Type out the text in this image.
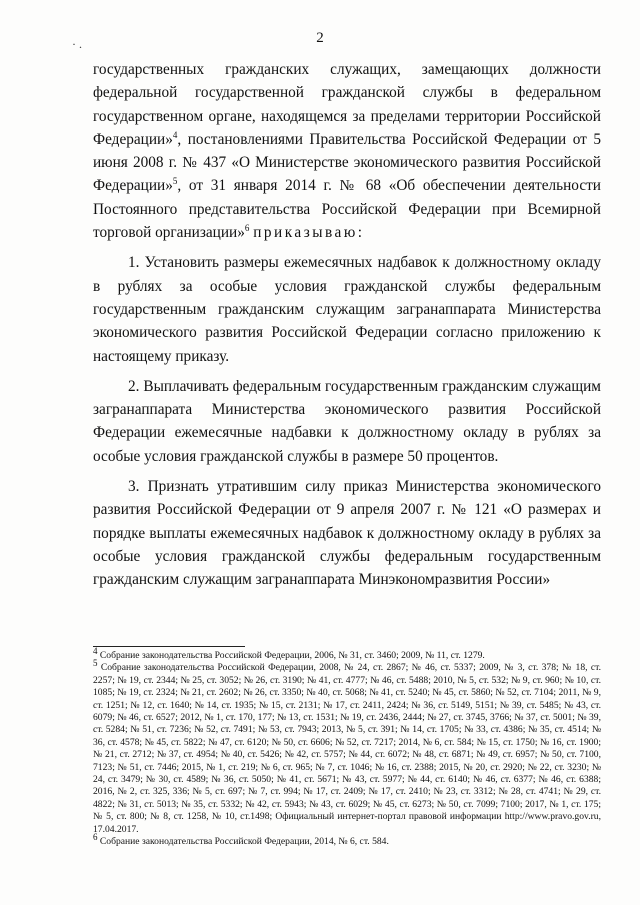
· .	2

государственных гражданских служащих, замещающих должности федеральной государственной гражданской службы в федеральном государственном органе, находящемся за пределами территории Российской Федерации»$^4$, постановлениями Правительства Российской Федерации от 5 июня 2008 г. № 437 «О Министерстве экономического развития Российской Федерации»$^5$, от 31 января 2014 г. № 68 «Об обеспечении деятельности Постоянного представительства Российской Федерации при Всемирной торговой организации»$^6$ приказываю:

1. Установить размеры ежемесячных надбавок к должностному окладу в рублях за особые условия гражданской службы федеральным государственным гражданским служащим загранаппарата Министерства экономического развития Российской Федерации согласно приложению к настоящему приказу.

2. Выплачивать федеральным государственным гражданским служащим загранаппарата Министерства экономического развития Российской Федерации ежемесячные надбавки к должностному окладу в рублях за особые условия гражданской службы в размере 50 процентов.

3. Признать утратившим силу приказ Министерства экономического развития Российской Федерации от 9 апреля 2007 г. № 121 «О размерах и порядке выплаты ежемесячных надбавок к должностному окладу в рублях за особые условия гражданской службы федеральным государственным гражданским служащим загранаппарата Минэкономразвития России»

$^4$ Собрание законодательства Российской Федерации, 2006, № 31, ст. 3460; 2009, № 11, ст. 1279.

$^5$ Собрание законодательства Российской Федерации, 2008, № 24, ст. 2867; № 46, ст. 5337; 2009, № 3, ст. 378; № 18, ст. 2257; № 19, ст. 2344; № 25, ст. 3052; № 26, ст. 3190; № 41, ст. 4777; № 46, ст. 5488; 2010, № 5, ст. 532; № 9, ст. 960; № 10, ст. 1085; № 19, ст. 2324; № 21, ст. 2602; № 26, ст. 3350; № 40, ст. 5068; № 41, ст. 5240; № 45, ст. 5860; № 52, ст. 7104; 2011, № 9, ст. 1251; № 12, ст. 1640; № 14, ст. 1935; № 15, ст. 2131; № 17, ст. 2411, 2424; № 36, ст. 5149, 5151; № 39, ст. 5485; № 43, ст. 6079; № 46, ст. 6527; 2012, № 1, ст. 170, 177; № 13, ст. 1531; № 19, ст. 2436, 2444; № 27, ст. 3745, 3766; № 37, ст. 5001; № 39, ст. 5284; № 51, ст. 7236; № 52, ст. 7491; № 53, ст. 7943; 2013, № 5, ст. 391; № 14, ст. 1705; № 33, ст. 4386; № 35, ст. 4514; № 36, ст. 4578; № 45, ст. 5822; № 47, ст. 6120; № 50, ст. 6606; № 52, ст. 7217; 2014, № 6, ст. 584; № 15, ст. 1750; № 16, ст. 1900; № 21, ст. 2712; № 37, ст. 4954; № 40, ст. 5426; № 42, ст. 5757; № 44, ст. 6072; № 48, ст. 6871; № 49, ст. 6957; № 50, ст. 7100, 7123; № 51, ст. 7446; 2015, № 1, ст. 219; № 6, ст. 965; № 7, ст. 1046; № 16, ст. 2388; 2015, № 20, ст. 2920; № 22, ст. 3230; № 24, ст. 3479; № 30, ст. 4589; № 36, ст. 5050; № 41, ст. 5671; № 43, ст. 5977; № 44, ст. 6140; № 46, ст. 6377; № 46, ст. 6388; 2016, № 2, ст. 325, 336; № 5, ст. 697; № 7, ст. 994; № 17, ст. 2409; № 17, ст. 2410; № 23, ст. 3312; № 28, ст. 4741; № 29, ст. 4822; № 31, ст. 5013; № 35, ст. 5332; № 42, ст. 5943; № 43, ст. 6029; № 45, ст. 6273; № 50, ст. 7099; 7100; 2017, № 1, ст. 175; № 5, ст. 800; № 8, ст. 1258, № 10, ст.1498; Официальный интернет-портал правовой информации http://www.pravo.gov.ru, 17.04.2017.

$^6$ Собрание законодательства Российской Федерации, 2014, № 6, ст. 584.
